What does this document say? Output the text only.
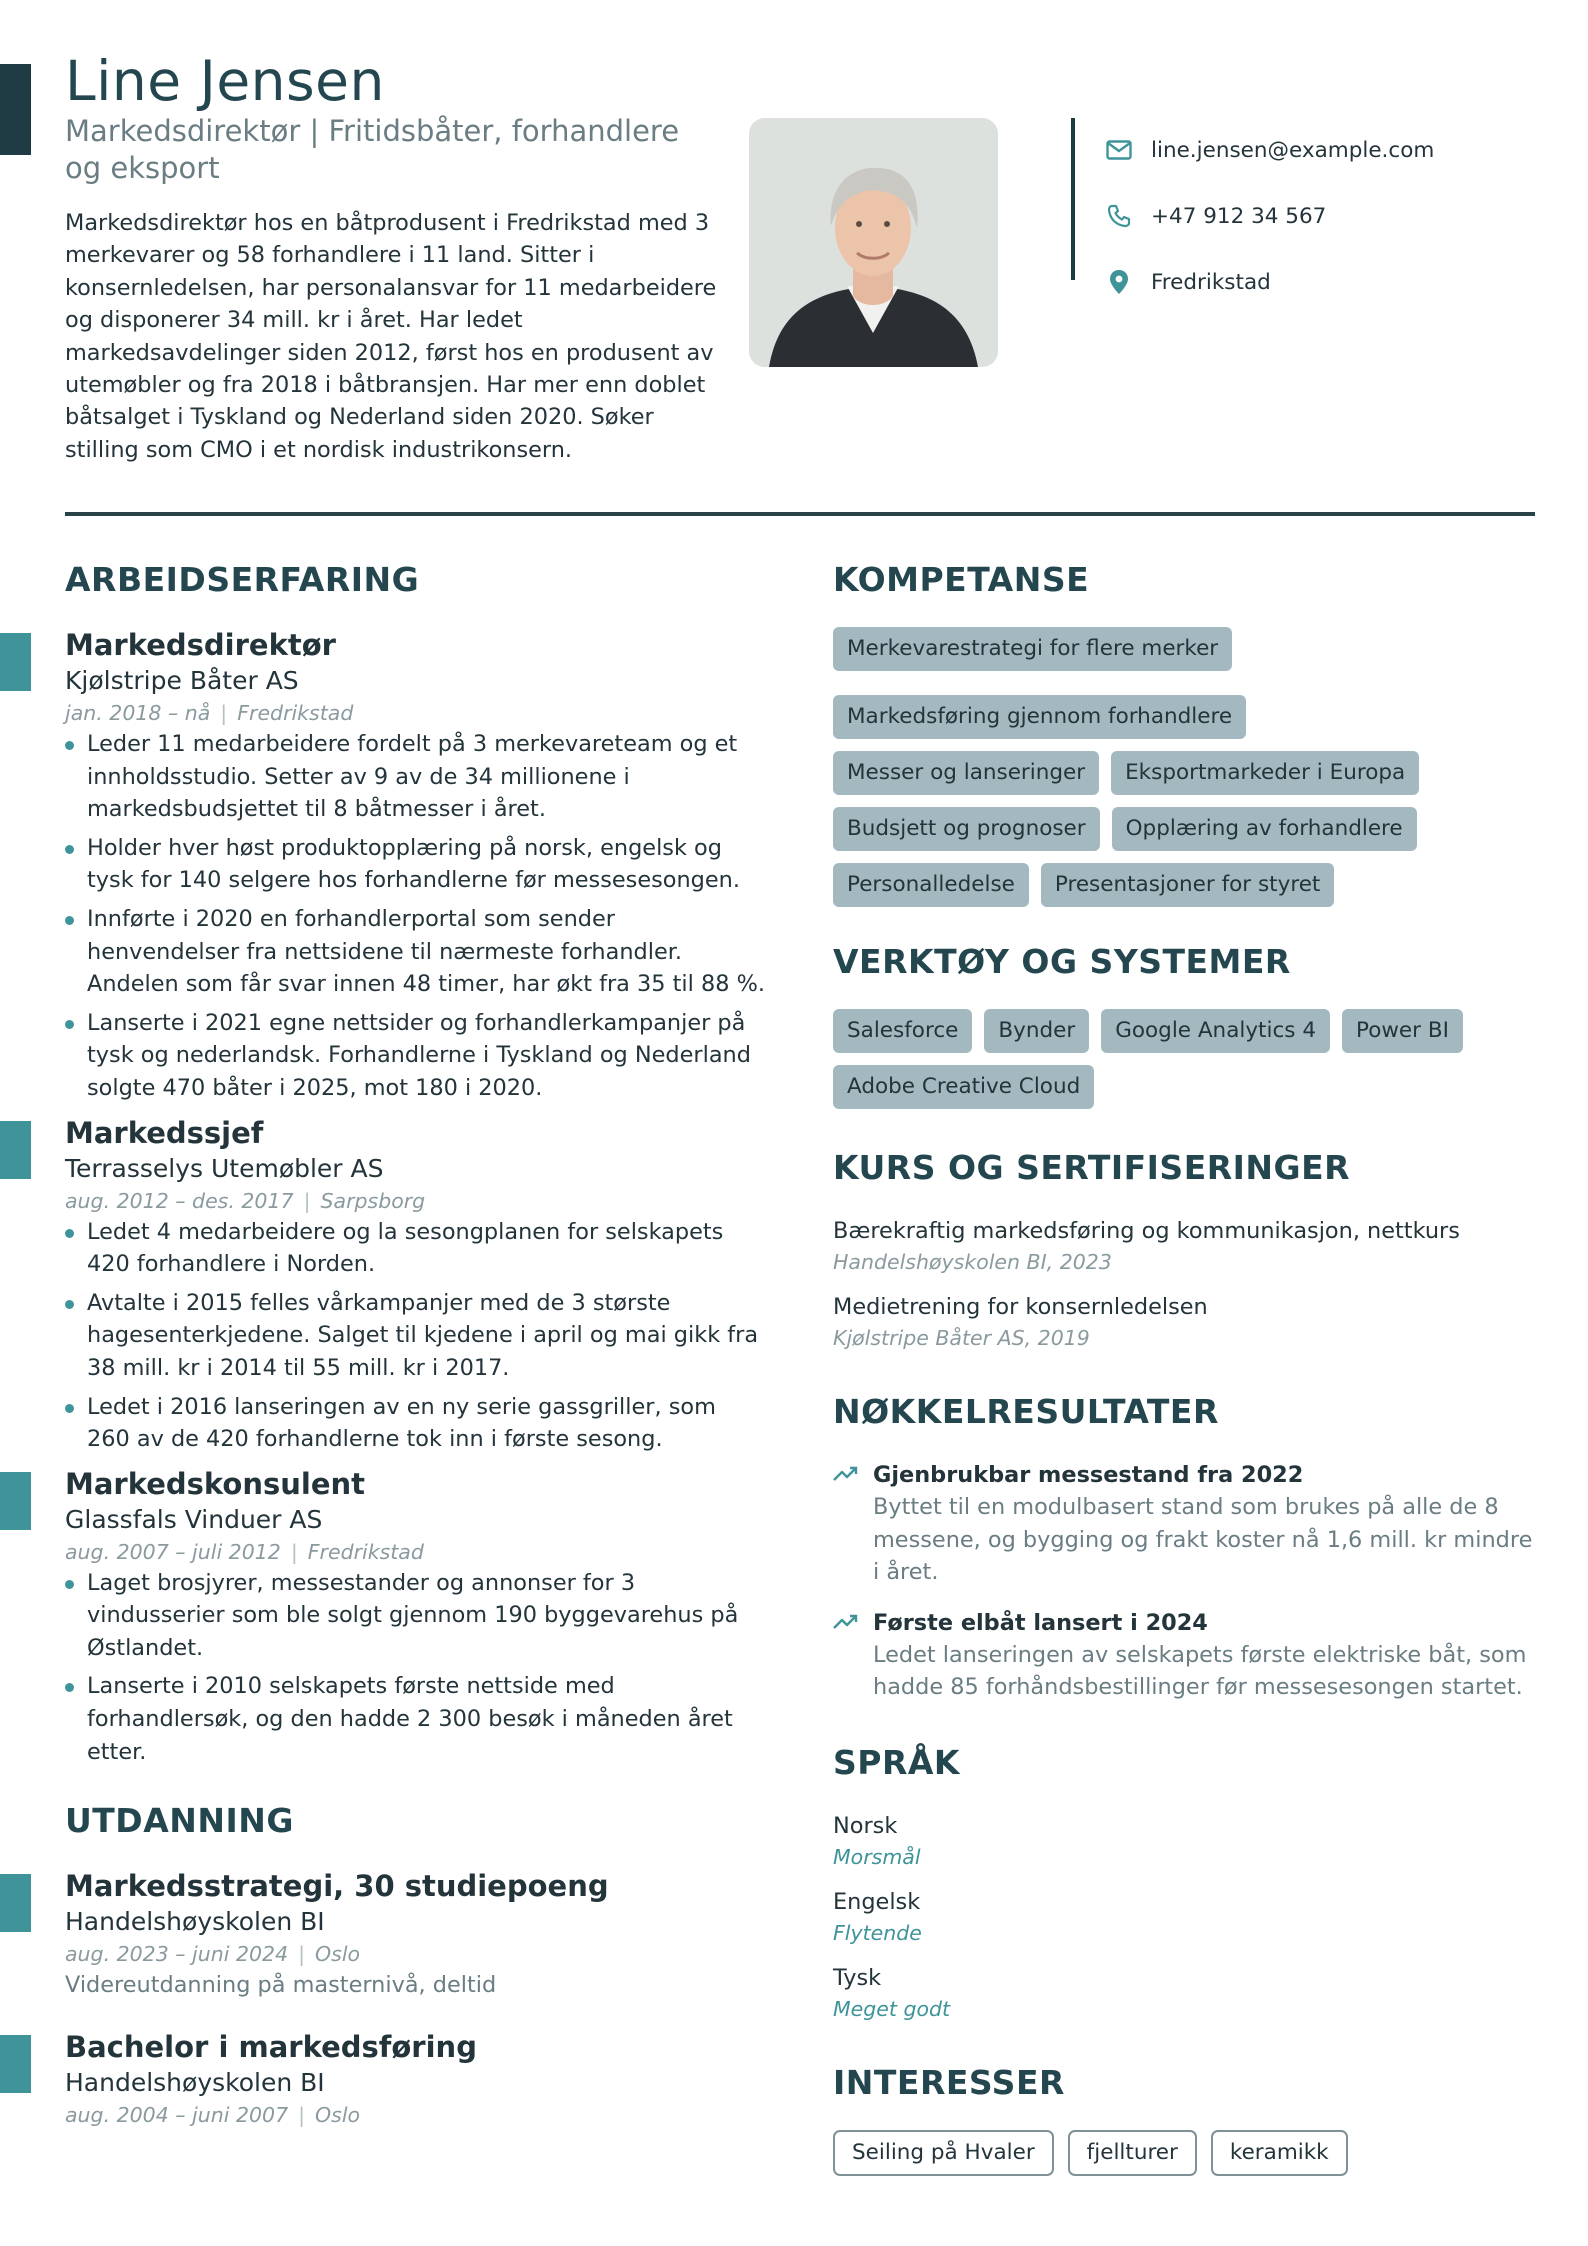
Line Jensen
Markedsdirektør | Fritidsbåter, forhandlere og eksport
Markedsdirektør hos en båtprodusent i Fredrikstad med 3 merkevarer og 58 forhandlere i 11 land. Sitter i konsernledelsen, har personalansvar for 11 medarbeidere og disponerer 34 mill. kr i året. Har ledet markedsavdelinger siden 2012, først hos en produsent av utemøbler og fra 2018 i båtbransjen. Har mer enn doblet båtsalget i Tyskland og Nederland siden 2020. Søker stilling som CMO i et nordisk industrikonsern.
line.jensen@example.com
+47 912 34 567
Fredrikstad
ARBEIDSERFARING
Markedsdirektør
Kjølstripe Båter AS
jan. 2018 – nå | Fredrikstad
Leder 11 medarbeidere fordelt på 3 merkevareteam og et innholdsstudio. Setter av 9 av de 34 millionene i markedsbudsjettet til 8 båtmesser i året.
Holder hver høst produktopplæring på norsk, engelsk og tysk for 140 selgere hos forhandlerne før messesesongen.
Innførte i 2020 en forhandlerportal som sender henvendelser fra nettsidene til nærmeste forhandler. Andelen som får svar innen 48 timer, har økt fra 35 til 88 %.
Lanserte i 2021 egne nettsider og forhandlerkampanjer på tysk og nederlandsk. Forhandlerne i Tyskland og Nederland solgte 470 båter i 2025, mot 180 i 2020.
Markedssjef
Terrasselys Utemøbler AS
aug. 2012 – des. 2017 | Sarpsborg
Ledet 4 medarbeidere og la sesongplanen for selskapets 420 forhandlere i Norden.
Avtalte i 2015 felles vårkampanjer med de 3 største hagesenterkjedene. Salget til kjedene i april og mai gikk fra 38 mill. kr i 2014 til 55 mill. kr i 2017.
Ledet i 2016 lanseringen av en ny serie gassgriller, som 260 av de 420 forhandlerne tok inn i første sesong.
Markedskonsulent
Glassfals Vinduer AS
aug. 2007 – juli 2012 | Fredrikstad
Laget brosjyrer, messestander og annonser for 3 vindusserier som ble solgt gjennom 190 byggevarehus på Østlandet.
Lanserte i 2010 selskapets første nettside med forhandlersøk, og den hadde 2 300 besøk i måneden året etter.
UTDANNING
Markedsstrategi, 30 studiepoeng
Handelshøyskolen BI
aug. 2023 – juni 2024 | Oslo
Videreutdanning på masternivå, deltid
Bachelor i markedsføring
Handelshøyskolen BI
aug. 2004 – juni 2007 | Oslo
KOMPETANSE
Merkevarestrategi for flere merker
Markedsføring gjennom forhandlere
Messer og lanseringer	Eksportmarkeder i Europa
Budsjett og prognoser	Opplæring av forhandlere
Personalledelse	Presentasjoner for styret
VERKTØY OG SYSTEMER
Salesforce	Bynder	Google Analytics 4	Power BI
Adobe Creative Cloud
KURS OG SERTIFISERINGER
Bærekraftig markedsføring og kommunikasjon, nettkurs
Handelshøyskolen BI, 2023
Medietrening for konsernledelsen
Kjølstripe Båter AS, 2019
NØKKELRESULTATER
Gjenbrukbar messestand fra 2022
Byttet til en modulbasert stand som brukes på alle de 8 messene, og bygging og frakt koster nå 1,6 mill. kr mindre i året.
Første elbåt lansert i 2024
Ledet lanseringen av selskapets første elektriske båt, som hadde 85 forhåndsbestillinger før messesesongen startet.
SPRÅK
Norsk
Morsmål
Engelsk
Flytende
Tysk
Meget godt
INTERESSER
Seiling på Hvaler	fjellturer	keramikk
